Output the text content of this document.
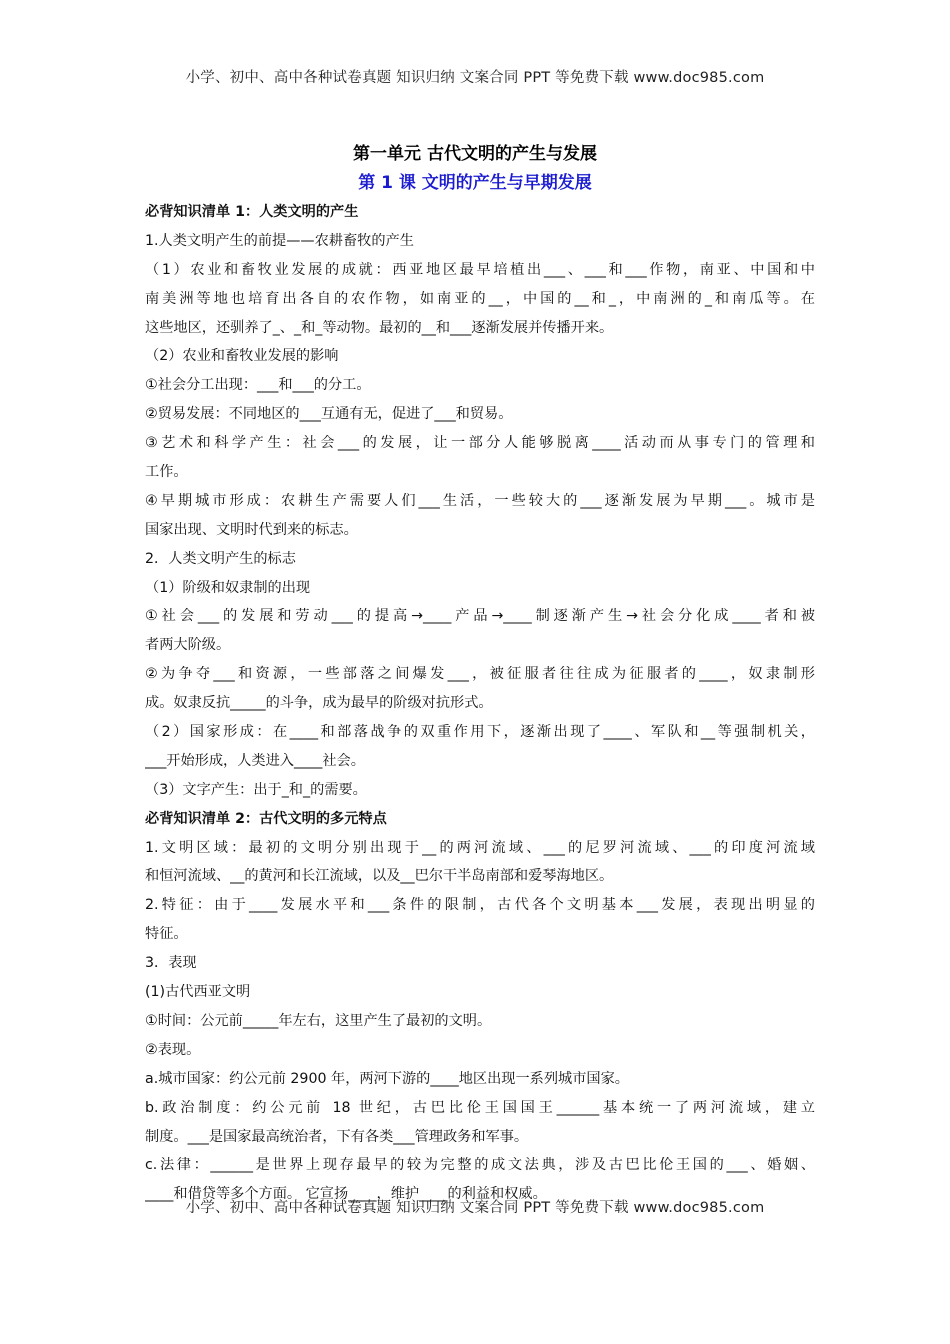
小学、初中、高中各种试卷真题 知识归纳 文案合同 PPT 等免费下载 www.doc985.com
第一单元 古代文明的产生与发展
第 1 课 文明的产生与早期发展
必背知识清单 1：人类文明的产生
1.人类文明产生的前提——农耕畜牧的产生
（1）农业和畜牧业发展的成就：西亚地区最早培植出___、___和___作物，南亚、中国和中
南美洲等地也培育出各自的农作物，如南亚的__，中国的__和_，中南洲的_和南瓜等。在
这些地区，还驯养了_、_和_等动物。最初的__和___逐渐发展并传播开来。
（2）农业和畜牧业发展的影响
①社会分工出现：___和___的分工。
②贸易发展：不同地区的___互通有无，促进了___和贸易。
③艺术和科学产生：社会___的发展，让一部分人能够脱离____活动而从事专门的管理和
工作。
④早期城市形成：农耕生产需要人们___生活，一些较大的___逐渐发展为早期___。城市是
国家出现、文明时代到来的标志。
2．人类文明产生的标志
（1）阶级和奴隶制的出现
①社会___的发展和劳动___的提高→____产品→____制逐渐产生→社会分化成____者和被
者两大阶级。
②为争夺___和资源，一些部落之间爆发___，被征服者往往成为征服者的____，奴隶制形
成。奴隶反抗_____的斗争，成为最早的阶级对抗形式。
（2）国家形成：在____和部落战争的双重作用下，逐渐出现了____、军队和__等强制机关，
___开始形成，人类进入____社会。
（3）文字产生：出于_和_的需要。
必背知识清单 2：古代文明的多元特点
1.文明区域：最初的文明分别出现于__的两河流域、___的尼罗河流域、___的印度河流域
和恒河流域、__的黄河和长江流域，以及__巴尔干半岛南部和爱琴海地区。
2.特征：由于____发展水平和___条件的限制，古代各个文明基本___发展，表现出明显的
特征。
3．表现
(1)古代西亚文明
①时间：公元前_____年左右，这里产生了最初的文明。
②表现。
a.城市国家：约公元前 2900 年，两河下游的____地区出现一系列城市国家。
b.政治制度：约公元前 18 世纪，古巴比伦王国国王______基本统一了两河流域，建立
制度。___是国家最高统治者，下有各类___管理政务和军事。
c.法律：______是世界上现存最早的较为完整的成文法典，涉及古巴比伦王国的___、婚姻、
____和借贷等多个方面。 它宣扬____，维护____的利益和权威。
小学、初中、高中各种试卷真题 知识归纳 文案合同 PPT 等免费下载 www.doc985.com
